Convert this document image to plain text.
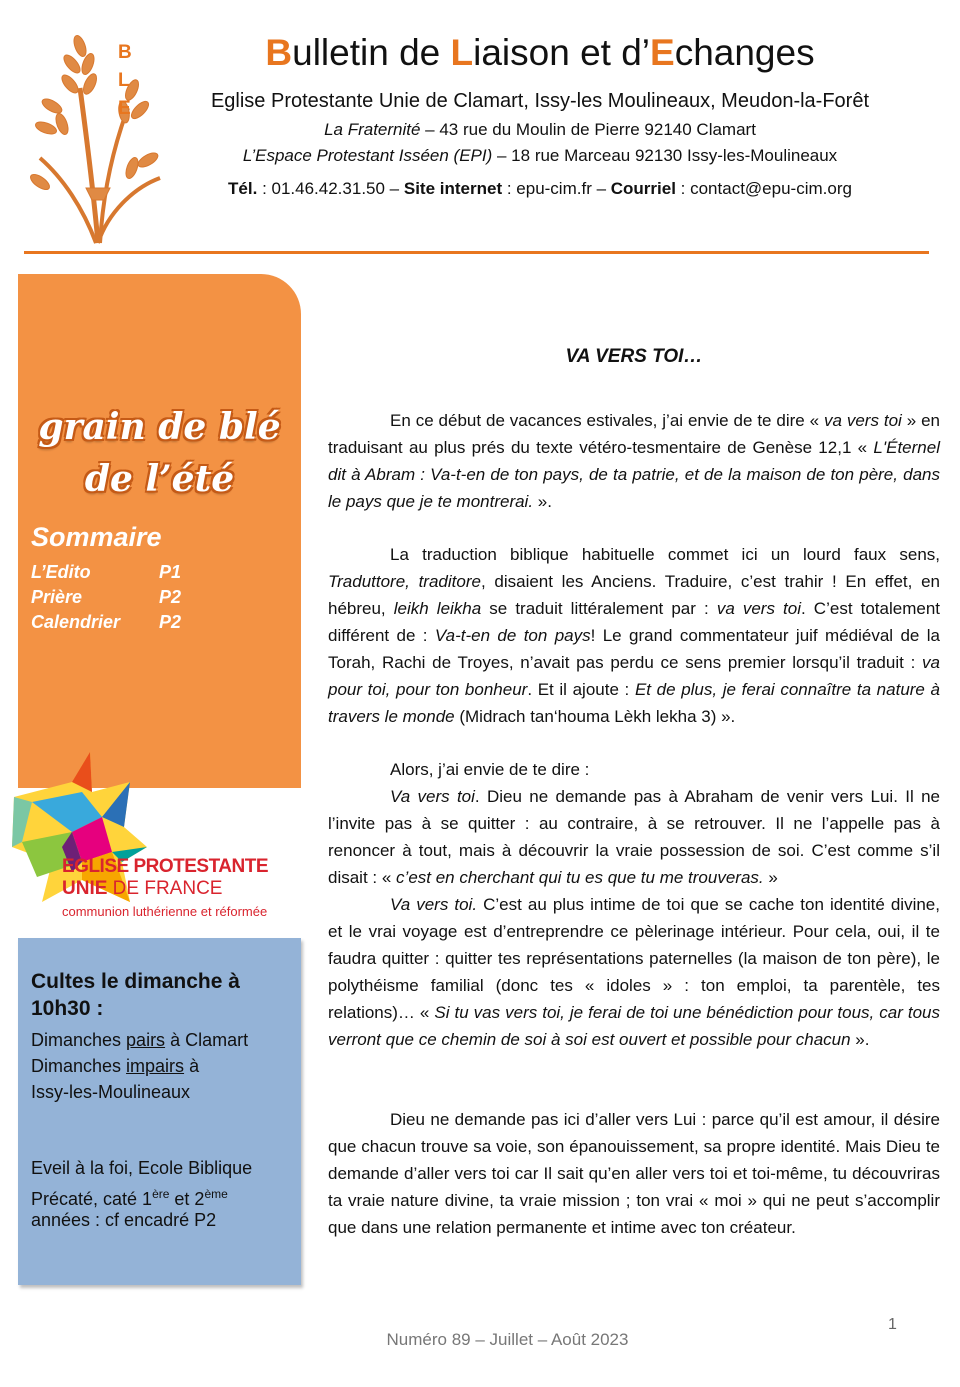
B
L
E
Bulletin de Liaison et d’Echanges
Eglise Protestante Unie de Clamart, Issy-les Moulineaux, Meudon-la-Forêt
La Fraternité – 43 rue du Moulin de Pierre 92140 Clamart
L’Espace Protestant Isséen (EPI) – 18 rue Marceau 92130 Issy-les-Moulineaux
Tél. : 01.46.42.31.50 – Site internet : epu-cim.fr – Courriel : contact@epu-cim.org
grain de blé
de l’été
Sommaire
L’Edito	P1
Prière	P2
Calendrier P2
EGLISE PROTESTANTE
UNIE DE FRANCE
communion luthérienne et réformée
Cultes le dimanche à 10h30 :
Dimanches pairs à Clamart
Dimanches impairs à
Issy-les-Moulineaux
Eveil à la foi, Ecole Biblique
Précaté, caté 1ère et 2ème
années : cf encadré P2
VA VERS TOI…
En ce début de vacances estivales, j’ai envie de te dire « va vers toi » en traduisant au plus prés du texte vétéro-tesmentaire de Genèse 12,1 « L'Éternel dit à Abram : Va-t-en de ton pays, de ta patrie, et de la maison de ton père, dans le pays que je te montrerai. ».
La traduction biblique habituelle commet ici un lourd faux sens, Traduttore, traditore, disaient les Anciens. Traduire, c’est trahir ! En effet, en hébreu, leikh leikha se traduit littéralement par : va vers toi. C’est totalement différent de : Va-t-en de ton pays! Le grand commentateur juif médiéval de la Torah, Rachi de Troyes, n’avait pas perdu ce sens premier lorsqu’il traduit : va pour toi, pour ton bonheur. Et il ajoute : Et de plus, je ferai connaître ta nature à travers le monde (Midrach tan‘houma Lèkh lekha 3) ».
Alors, j’ai envie de te dire :
Va vers toi. Dieu ne demande pas à Abraham de venir vers Lui. Il ne l’invite pas à se quitter : au contraire, à se retrouver. Il ne l’appelle pas à renoncer à tout, mais à découvrir la vraie possession de soi. C’est comme s’il disait : « c’est en cherchant qui tu es que tu me trouveras. »
Va vers toi. C’est au plus intime de toi que se cache ton identité divine, et le vrai voyage est d’entreprendre ce pèlerinage intérieur. Pour cela, oui, il te faudra quitter : quitter tes représentations paternelles (la maison de ton père), le polythéisme familial (donc tes « idoles » : ton emploi, ta parentèle, tes relations)… « Si tu vas vers toi, je ferai de toi une bénédiction pour tous, car tous verront que ce chemin de soi à soi est ouvert et possible pour chacun ».
Dieu ne demande pas ici d’aller vers Lui : parce qu’il est amour, il désire que chacun trouve sa voie, son épanouissement, sa propre identité. Mais Dieu te demande d’aller vers toi car Il sait qu’en aller vers toi et toi-même, tu découvriras ta vraie nature divine, ta vraie mission ; ton vrai « moi » qui ne peut s’accomplir que dans une relation permanente et intime avec ton créateur.
1
Numéro 89 – Juillet – Août 2023
